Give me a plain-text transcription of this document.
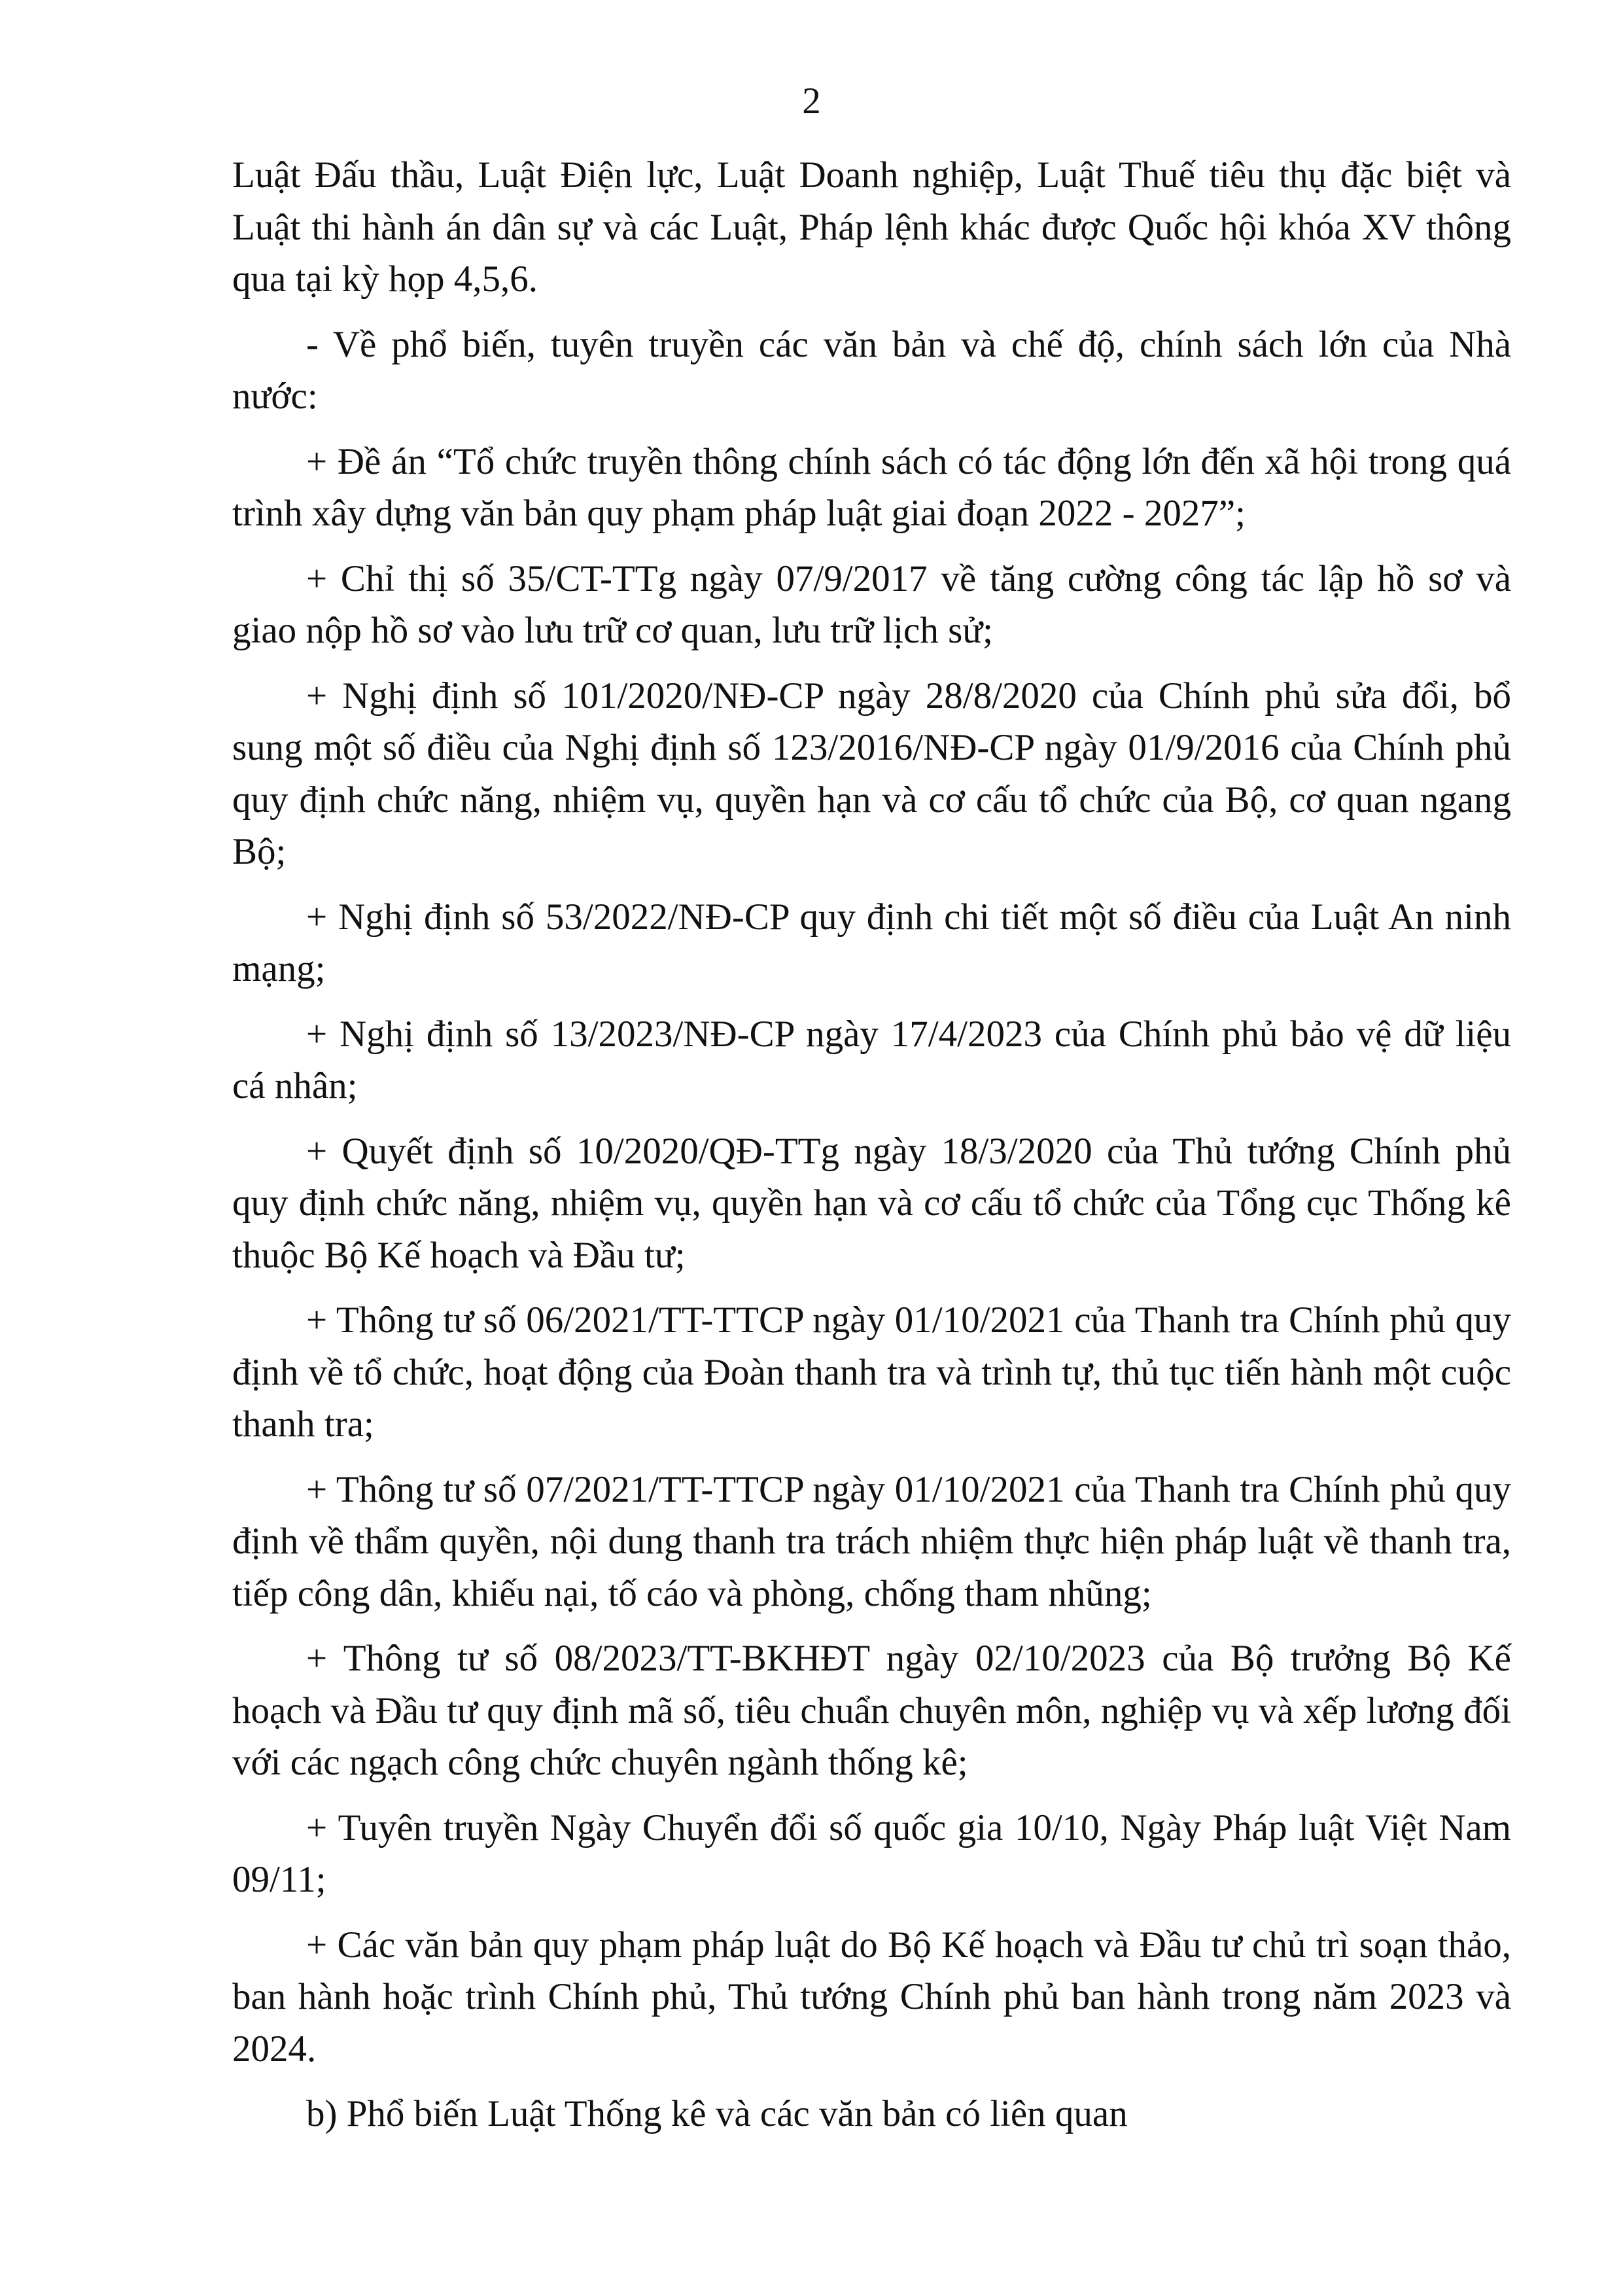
2

Luật Đấu thầu, Luật Điện lực, Luật Doanh nghiệp, Luật Thuế tiêu thụ đặc biệt và Luật thi hành án dân sự và các Luật, Pháp lệnh khác được Quốc hội khóa XV thông qua tại kỳ họp 4,5,6.

- Về phổ biến, tuyên truyền các văn bản và chế độ, chính sách lớn của Nhà nước:

+ Đề án “Tổ chức truyền thông chính sách có tác động lớn đến xã hội trong quá trình xây dựng văn bản quy phạm pháp luật giai đoạn 2022 - 2027”;

+ Chỉ thị số 35/CT-TTg ngày 07/9/2017 về tăng cường công tác lập hồ sơ và giao nộp hồ sơ vào lưu trữ cơ quan, lưu trữ lịch sử;

+ Nghị định số 101/2020/NĐ-CP ngày 28/8/2020 của Chính phủ sửa đổi, bổ sung một số điều của Nghị định số 123/2016/NĐ-CP ngày 01/9/2016 của Chính phủ quy định chức năng, nhiệm vụ, quyền hạn và cơ cấu tổ chức của Bộ, cơ quan ngang Bộ;

+ Nghị định số 53/2022/NĐ-CP quy định chi tiết một số điều của Luật An ninh mạng;

+ Nghị định số 13/2023/NĐ-CP ngày 17/4/2023 của Chính phủ bảo vệ dữ liệu cá nhân;

+ Quyết định số 10/2020/QĐ-TTg ngày 18/3/2020 của Thủ tướng Chính phủ quy định chức năng, nhiệm vụ, quyền hạn và cơ cấu tổ chức của Tổng cục Thống kê thuộc Bộ Kế hoạch và Đầu tư;

+ Thông tư số 06/2021/TT-TTCP ngày 01/10/2021 của Thanh tra Chính phủ quy định về tổ chức, hoạt động của Đoàn thanh tra và trình tự, thủ tục tiến hành một cuộc thanh tra;

+ Thông tư số 07/2021/TT-TTCP ngày 01/10/2021 của Thanh tra Chính phủ quy định về thẩm quyền, nội dung thanh tra trách nhiệm thực hiện pháp luật về thanh tra, tiếp công dân, khiếu nại, tố cáo và phòng, chống tham nhũng;

+ Thông tư số 08/2023/TT-BKHĐT ngày 02/10/2023 của Bộ trưởng Bộ Kế hoạch và Đầu tư quy định mã số, tiêu chuẩn chuyên môn, nghiệp vụ và xếp lương đối với các ngạch công chức chuyên ngành thống kê;

+ Tuyên truyền Ngày Chuyển đổi số quốc gia 10/10, Ngày Pháp luật Việt Nam 09/11;

+ Các văn bản quy phạm pháp luật do Bộ Kế hoạch và Đầu tư chủ trì soạn thảo, ban hành hoặc trình Chính phủ, Thủ tướng Chính phủ ban hành trong năm 2023 và 2024.

b) Phổ biến Luật Thống kê và các văn bản có liên quan
